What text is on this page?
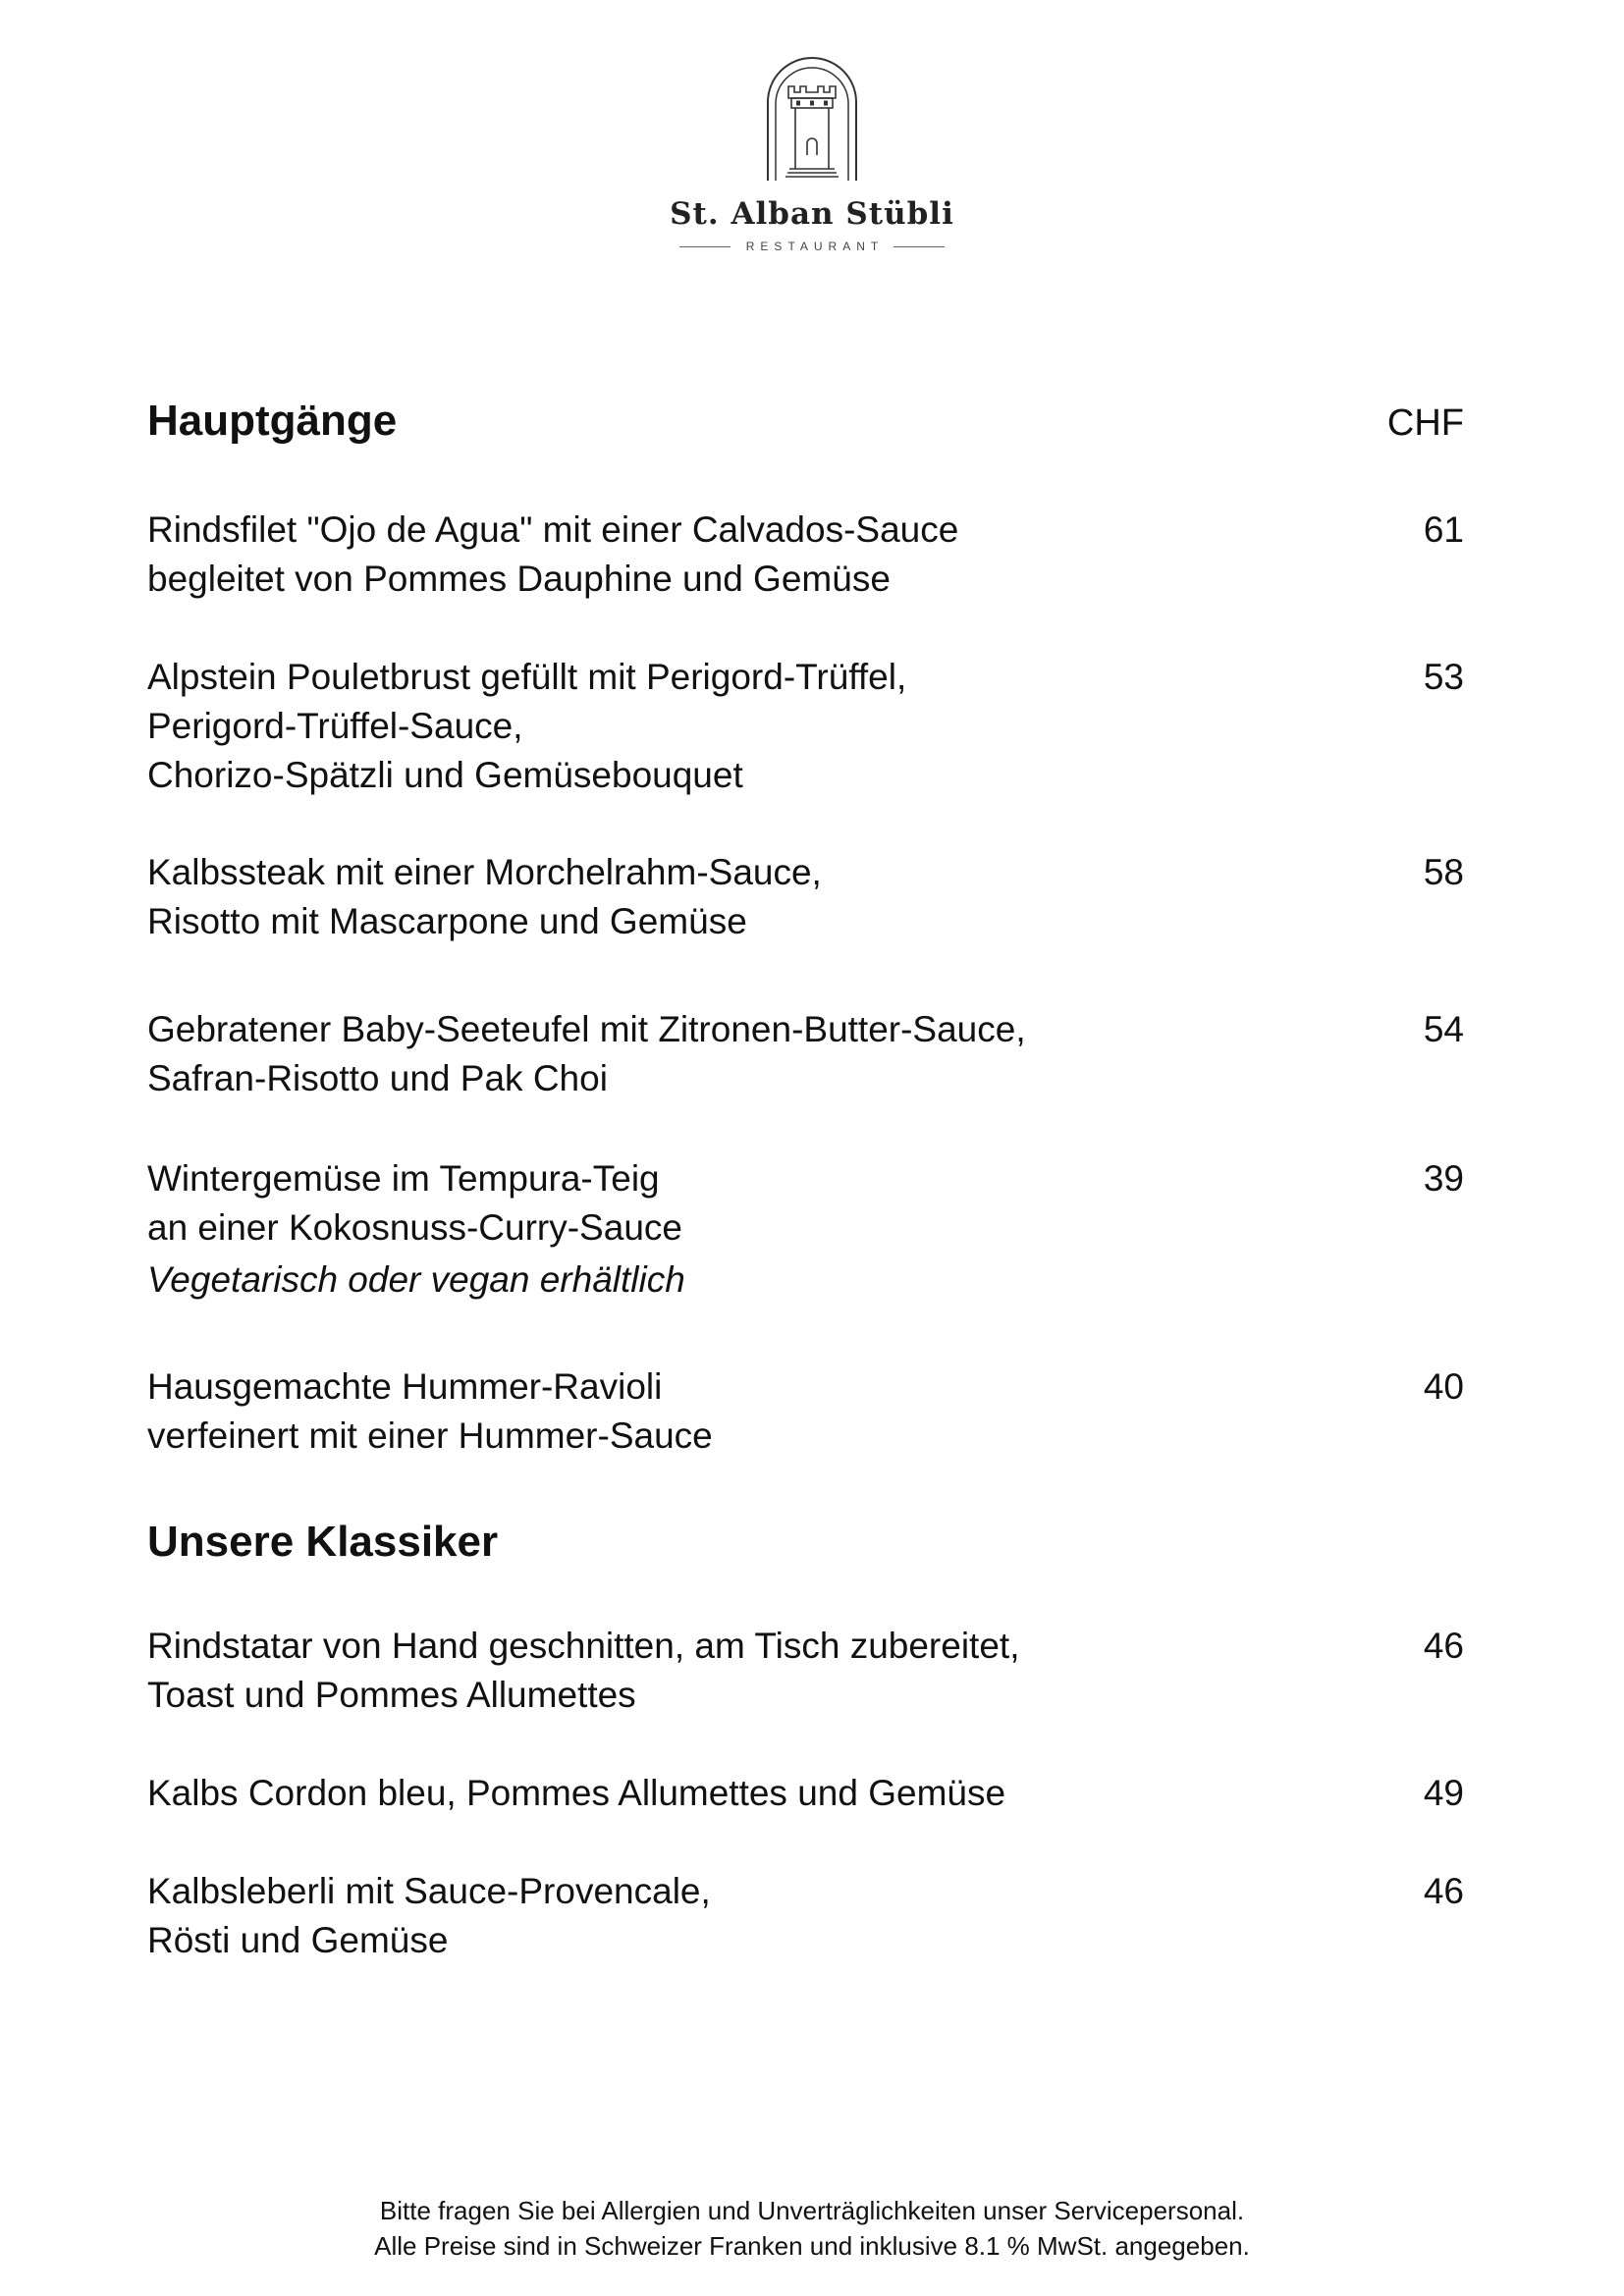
St. Alban Stübli
RESTAURANT
Hauptgänge	CHF
Rindsfilet "Ojo de Agua" mit einer Calvados-Sauce
begleitet von Pommes Dauphine und Gemüse
61
Alpstein Pouletbrust gefüllt mit Perigord-Trüffel,
Perigord-Trüffel-Sauce,
Chorizo-Spätzli und Gemüsebouquet
53
Kalbssteak mit einer Morchelrahm-Sauce,
Risotto mit Mascarpone und Gemüse
58
Gebratener Baby-Seeteufel mit Zitronen-Butter-Sauce,
Safran-Risotto und Pak Choi
54
Wintergemüse im Tempura-Teig
an einer Kokosnuss-Curry-Sauce
Vegetarisch oder vegan erhältlich
39
Hausgemachte Hummer-Ravioli
verfeinert mit einer Hummer-Sauce
40
Unsere Klassiker
Rindstatar von Hand geschnitten, am Tisch zubereitet,
Toast und Pommes Allumettes
46
Kalbs Cordon bleu, Pommes Allumettes und Gemüse	49
Kalbsleberli mit Sauce-Provencale,
Rösti und Gemüse
46
Bitte fragen Sie bei Allergien und Unverträglichkeiten unser Servicepersonal.
Alle Preise sind in Schweizer Franken und inklusive 8.1 % MwSt. angegeben.
